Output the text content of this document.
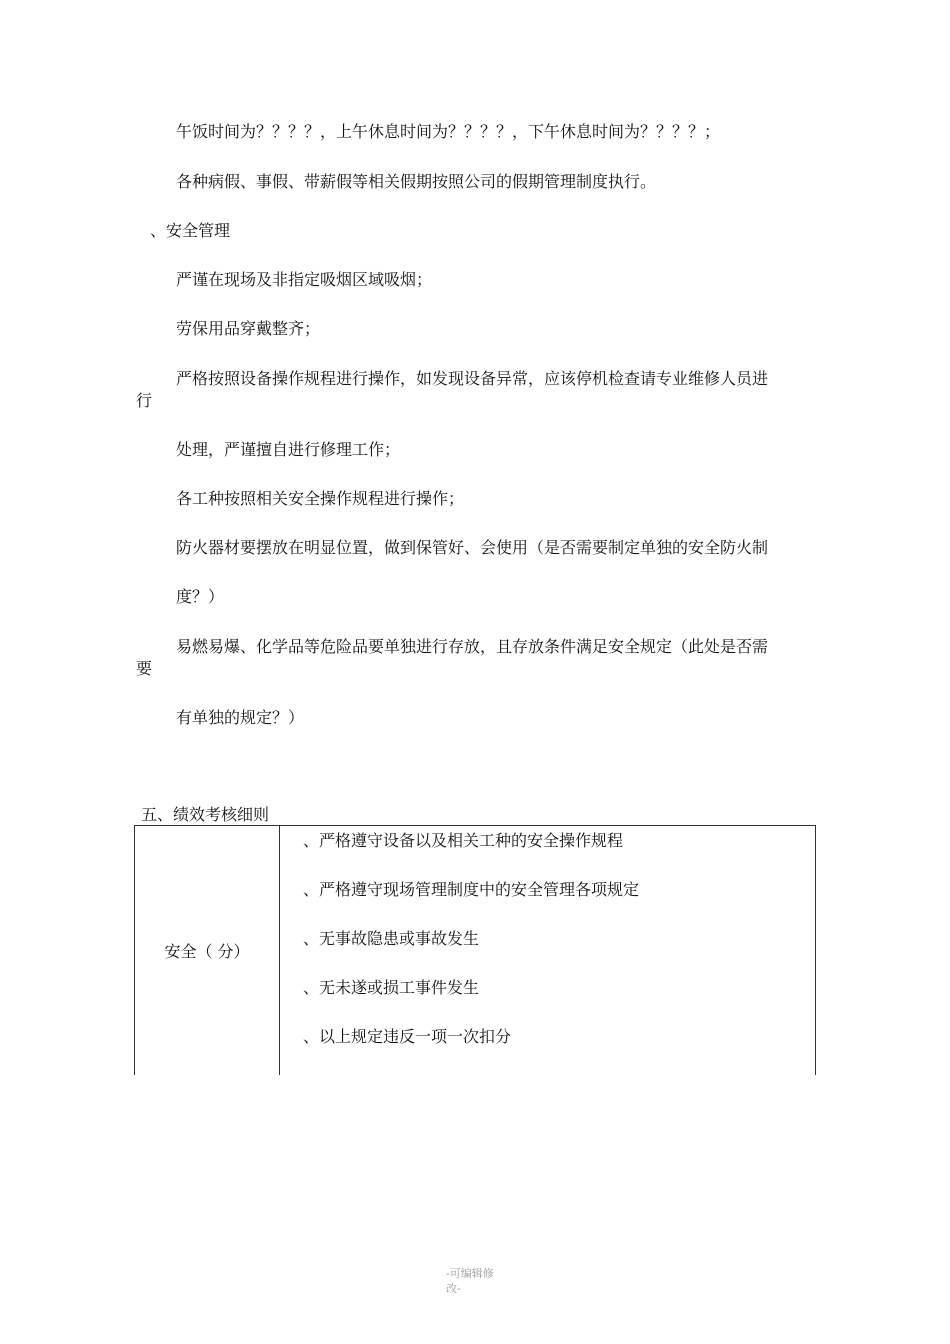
午饭时间为？？？？，上午休息时间为？？？？，下午休息时间为？？？？；
各种病假、事假、带薪假等相关假期按照公司的假期管理制度执行。
、安全管理
严谨在现场及非指定吸烟区域吸烟；
劳保用品穿戴整齐；
严格按照设备操作规程进行操作，如发现设备异常，应该停机检查请专业维修人员进
行
处理，严谨擅自进行修理工作；
各工种按照相关安全操作规程进行操作；
防火器材要摆放在明显位置，做到保管好、会使用（是否需要制定单独的安全防火制
度？）
易燃易爆、化学品等危险品要单独进行存放，且存放条件满足安全规定（此处是否需
要
有单独的规定？）
五、绩效考核细则
安全（ 分）
、严格遵守设备以及相关工种的安全操作规程
、严格遵守现场管理制度中的安全管理各项规定
、无事故隐患或事故发生
、无未遂或损工事件发生
、以上规定违反一项一次扣分
-可编辑修改-
